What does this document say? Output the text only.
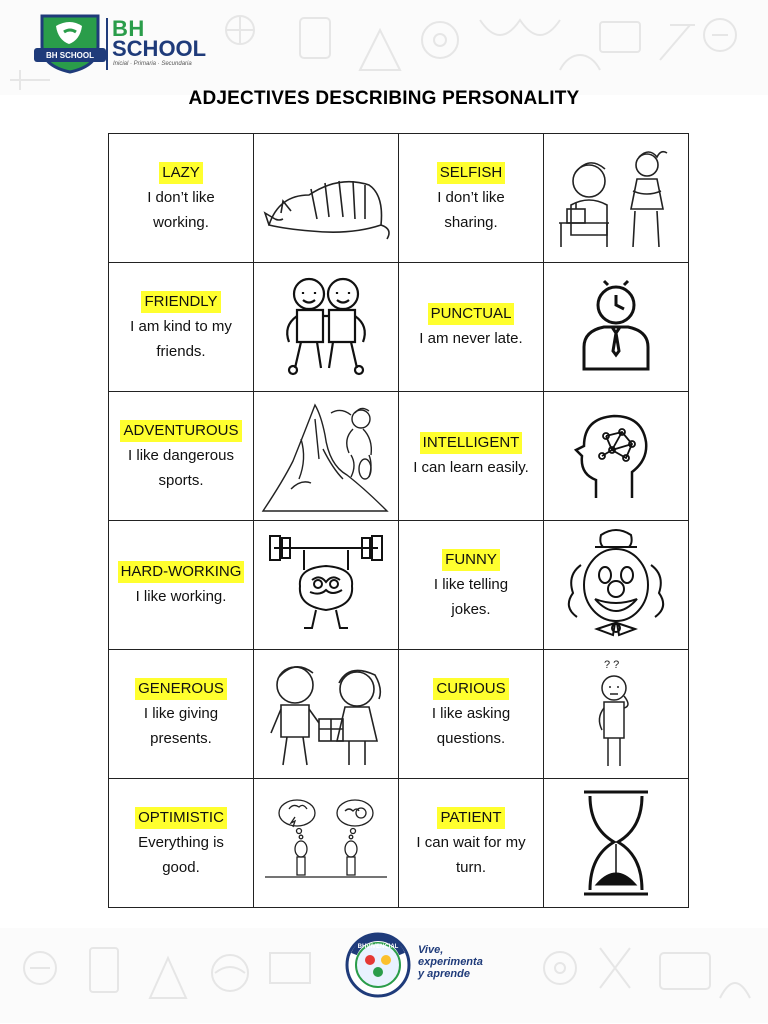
BH SCHOOL
BH
SCHOOL
Inicial · Primaria · Secundaria
ADJECTIVES DESCRIBING PERSONALITY
LAZY
I don’t like
working.		SELFISH
I don’t like
sharing.

FRIENDLY
I am kind to my
friends.		PUNCTUAL
I am never late.

ADVENTUROUS
I like dangerous
sports.		INTELLIGENT
I can learn easily.

HARD-WORKING
I like working.		FUNNY
I like telling
jokes.

GENEROUS
I like giving
presents.		CURIOUS
I like asking
questions.	? ?

OPTIMISTIC
Everything is
good.		PATIENT
I can wait for my
turn.

BHVIVENCIAL Vive,
experimenta
y aprende
